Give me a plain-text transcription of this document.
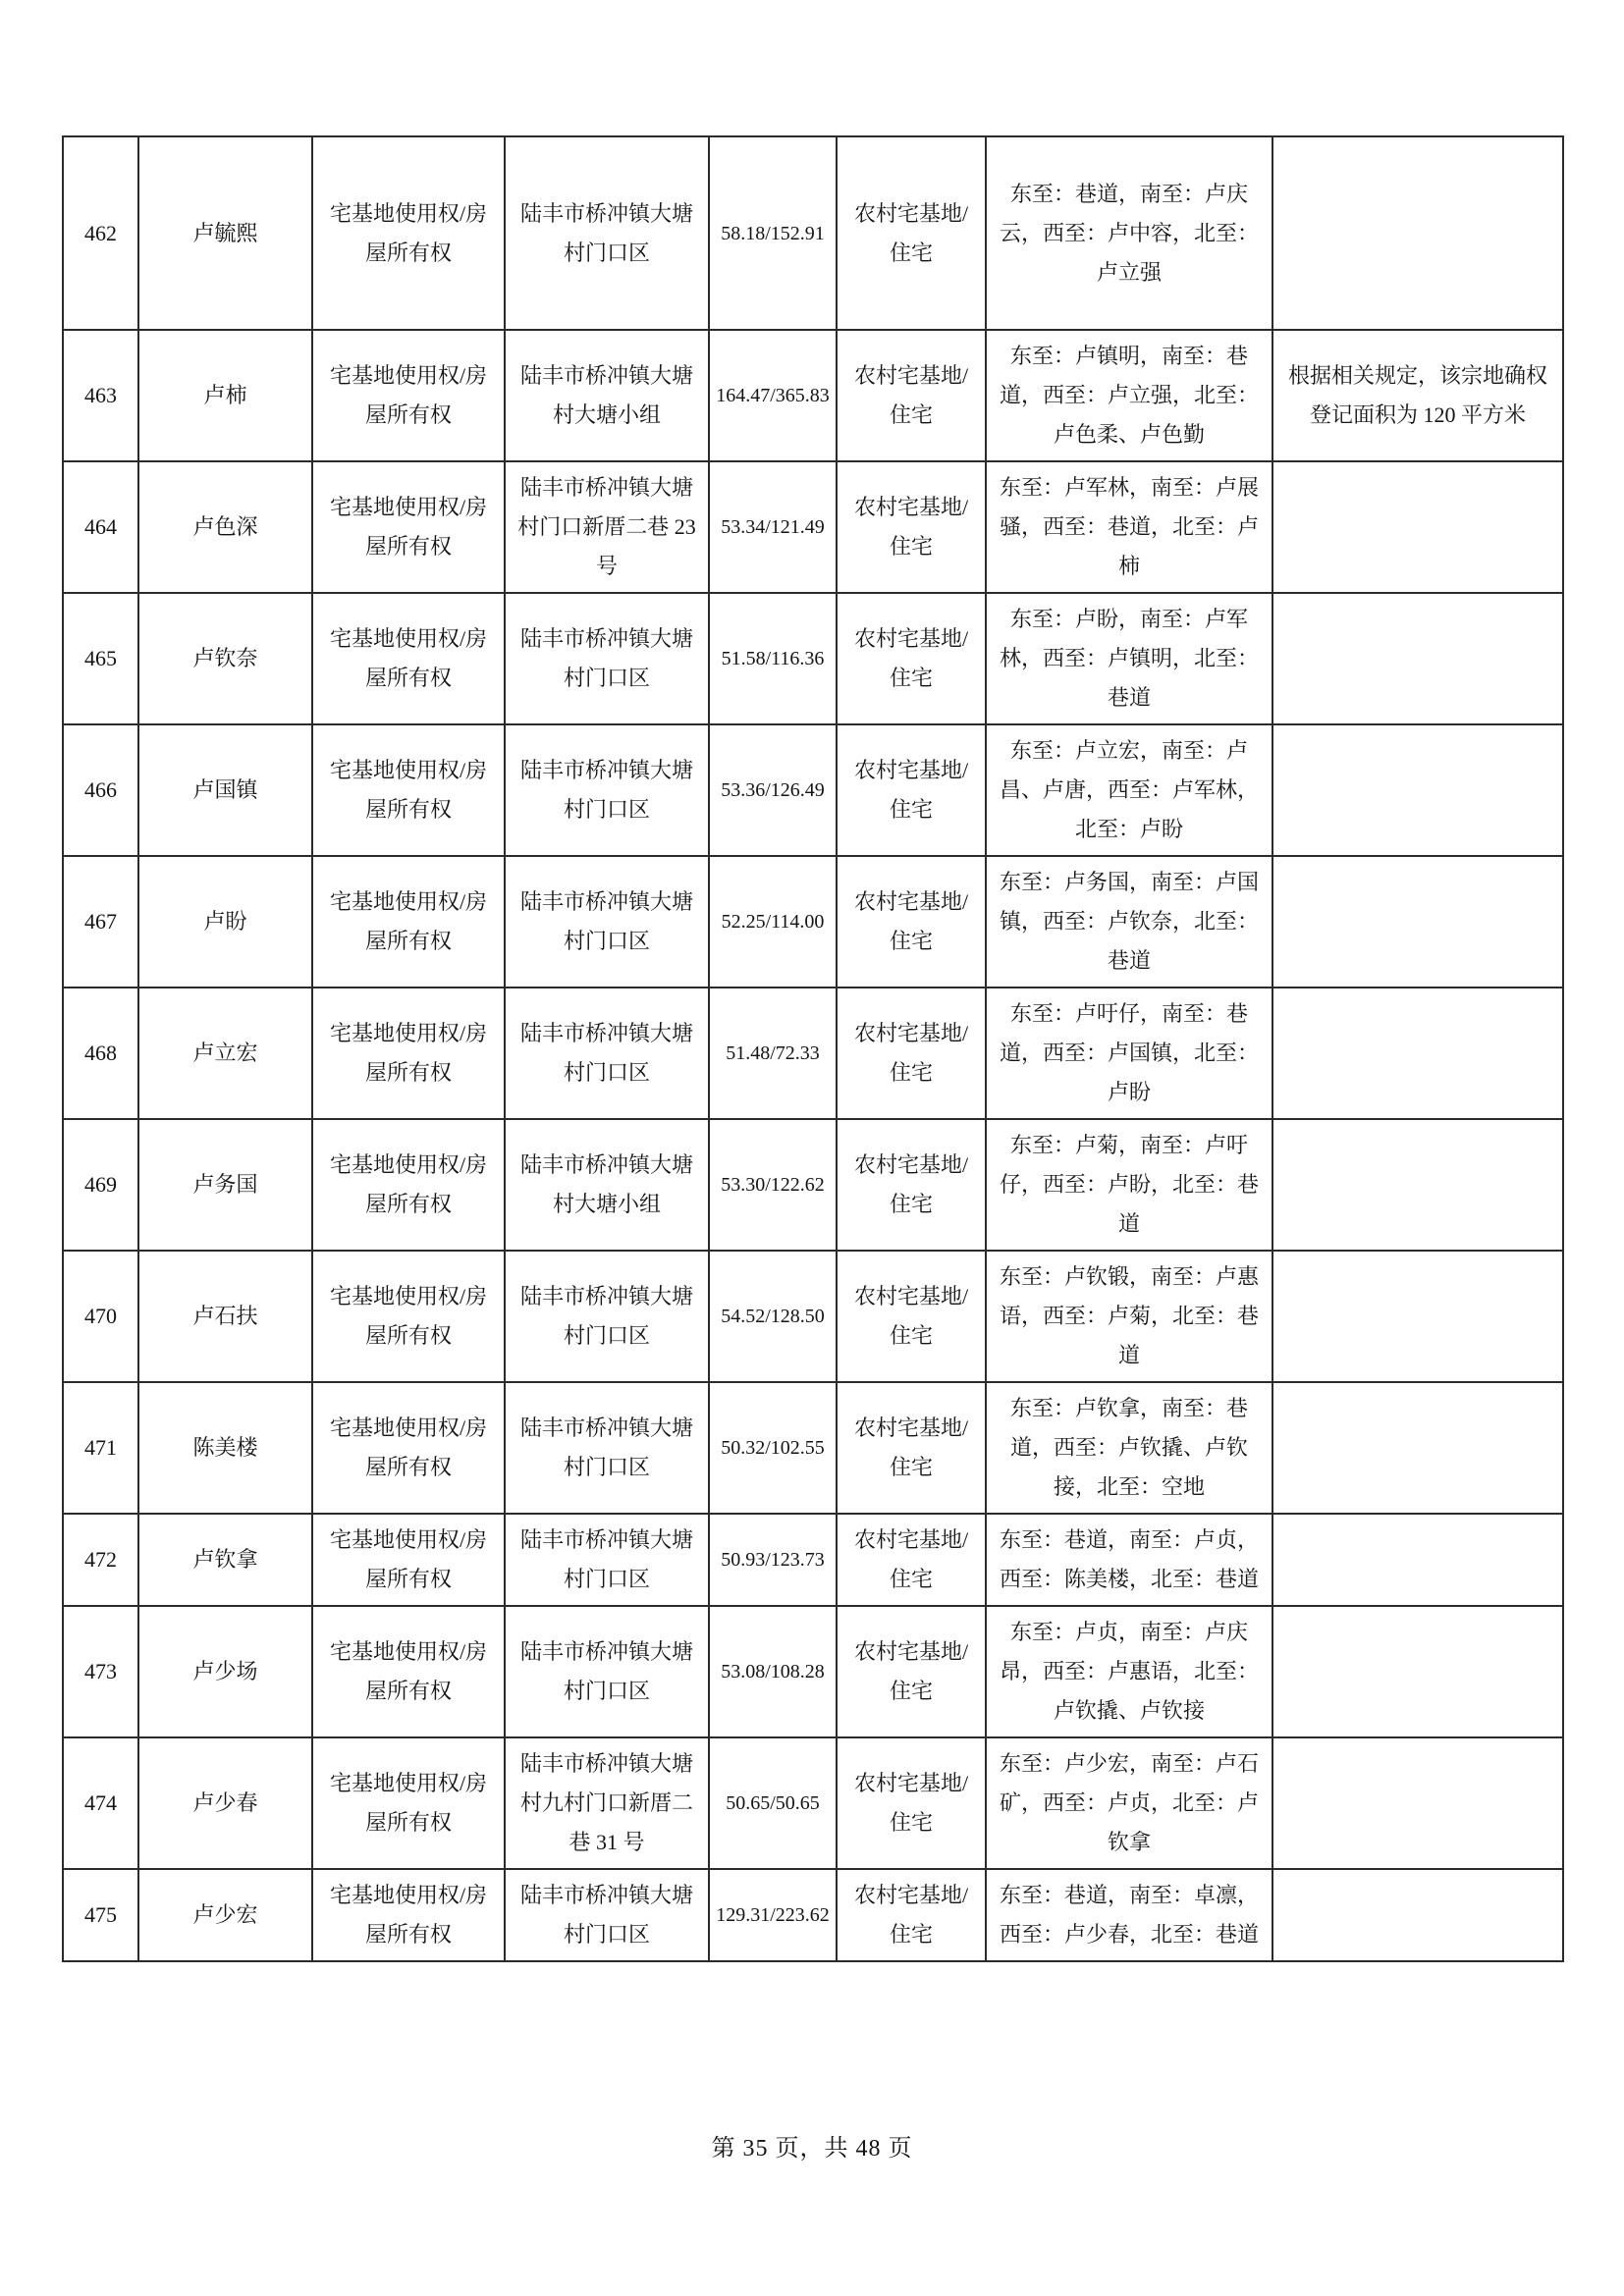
462	卢毓熙	宅基地使用权/房屋所有权	陆丰市桥冲镇大塘村门口区	58.18/152.91	农村宅基地/住宅	东至：巷道，南至：卢庆云，西至：卢中容，北至：卢立强	
463	卢柿	宅基地使用权/房屋所有权	陆丰市桥冲镇大塘村大塘小组	164.47/365.83	农村宅基地/住宅	东至：卢镇明，南至：巷道，西至：卢立强，北至：卢色柔、卢色勤	根据相关规定，该宗地确权登记面积为 120 平方米
464	卢色深	宅基地使用权/房屋所有权	陆丰市桥冲镇大塘村门口新厝二巷 23 号	53.34/121.49	农村宅基地/住宅	东至：卢军林，南至：卢展骚，西至：巷道，北至：卢柿	
465	卢钦奈	宅基地使用权/房屋所有权	陆丰市桥冲镇大塘村门口区	51.58/116.36	农村宅基地/住宅	东至：卢盼，南至：卢军林，西至：卢镇明，北至：巷道	
466	卢国镇	宅基地使用权/房屋所有权	陆丰市桥冲镇大塘村门口区	53.36/126.49	农村宅基地/住宅	东至：卢立宏，南至：卢昌、卢唐，西至：卢军林，北至：卢盼	
467	卢盼	宅基地使用权/房屋所有权	陆丰市桥冲镇大塘村门口区	52.25/114.00	农村宅基地/住宅	东至：卢务国，南至：卢国镇，西至：卢钦奈，北至：巷道	
468	卢立宏	宅基地使用权/房屋所有权	陆丰市桥冲镇大塘村门口区	51.48/72.33	农村宅基地/住宅	东至：卢吁仔，南至：巷道，西至：卢国镇，北至：卢盼	
469	卢务国	宅基地使用权/房屋所有权	陆丰市桥冲镇大塘村大塘小组	53.30/122.62	农村宅基地/住宅	东至：卢菊，南至：卢吁仔，西至：卢盼，北至：巷道	
470	卢石扶	宅基地使用权/房屋所有权	陆丰市桥冲镇大塘村门口区	54.52/128.50	农村宅基地/住宅	东至：卢钦锻，南至：卢惠语，西至：卢菊，北至：巷道	
471	陈美楼	宅基地使用权/房屋所有权	陆丰市桥冲镇大塘村门口区	50.32/102.55	农村宅基地/住宅	东至：卢钦拿，南至：巷道，西至：卢钦撬、卢钦接，北至：空地	
472	卢钦拿	宅基地使用权/房屋所有权	陆丰市桥冲镇大塘村门口区	50.93/123.73	农村宅基地/住宅	东至：巷道，南至：卢贞，西至：陈美楼，北至：巷道	
473	卢少场	宅基地使用权/房屋所有权	陆丰市桥冲镇大塘村门口区	53.08/108.28	农村宅基地/住宅	东至：卢贞，南至：卢庆昂，西至：卢惠语，北至：卢钦撬、卢钦接	
474	卢少春	宅基地使用权/房屋所有权	陆丰市桥冲镇大塘村九村门口新厝二巷 31 号	50.65/50.65	农村宅基地/住宅	东至：卢少宏，南至：卢石矿，西至：卢贞，北至：卢钦拿	
475	卢少宏	宅基地使用权/房屋所有权	陆丰市桥冲镇大塘村门口区	129.31/223.62	农村宅基地/住宅	东至：巷道，南至：卓凛，西至：卢少春，北至：巷道	
第 35 页，共 48 页
